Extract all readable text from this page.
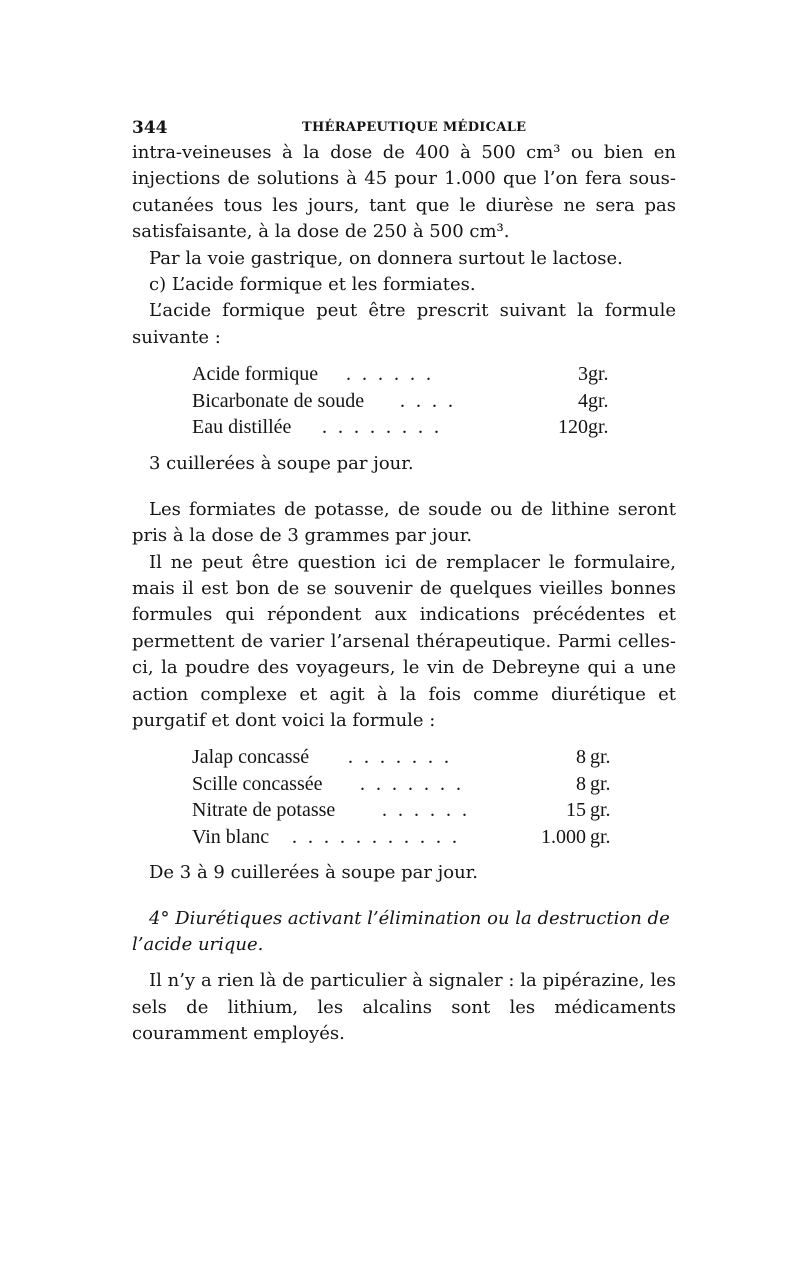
344	THÉRAPEUTIQUE MÉDICALE

intra-veineuses à la dose de 400 à 500 cm³ ou bien en injections de solutions à 45 pour 1.000 que l’on fera sous-cutanées tous les jours, tant que le diurèse ne sera pas satisfaisante, à la dose de 250 à 500 cm³.

Par la voie gastrique, on donnera surtout le lactose.

c) L’acide formique et les formiates.

L’acide formique peut être prescrit suivant la formule suivante :

Acide formique . . . . . .	3 gr.
Bicarbonate de soude . . . .	4 gr.
Eau distillée . . . . . . . .	120 gr.

3 cuillerées à soupe par jour.

Les formiates de potasse, de soude ou de lithine seront pris à la dose de 3 grammes par jour.

Il ne peut être question ici de remplacer le formulaire, mais il est bon de se souvenir de quelques vieilles bonnes formules qui répondent aux indications précédentes et permettent de varier l’arsenal thérapeutique. Parmi celles-ci, la poudre des voyageurs, le vin de Debreyne qui a une action complexe et agit à la fois comme diurétique et purgatif et dont voici la formule :

Jalap concassé . . . . . . .	8 gr.
Scille concassée . . . . . . .	8 gr.
Nitrate de potasse . . . . . .	15 gr.
Vin blanc . . . . . . . . . . .	1.000 gr.

De 3 à 9 cuillerées à soupe par jour.

4° Diurétiques activant l’élimination ou la destruction de l’acide urique.

Il n’y a rien là de particulier à signaler : la pipérazine, les sels de lithium, les alcalins sont les médicaments couramment employés.
